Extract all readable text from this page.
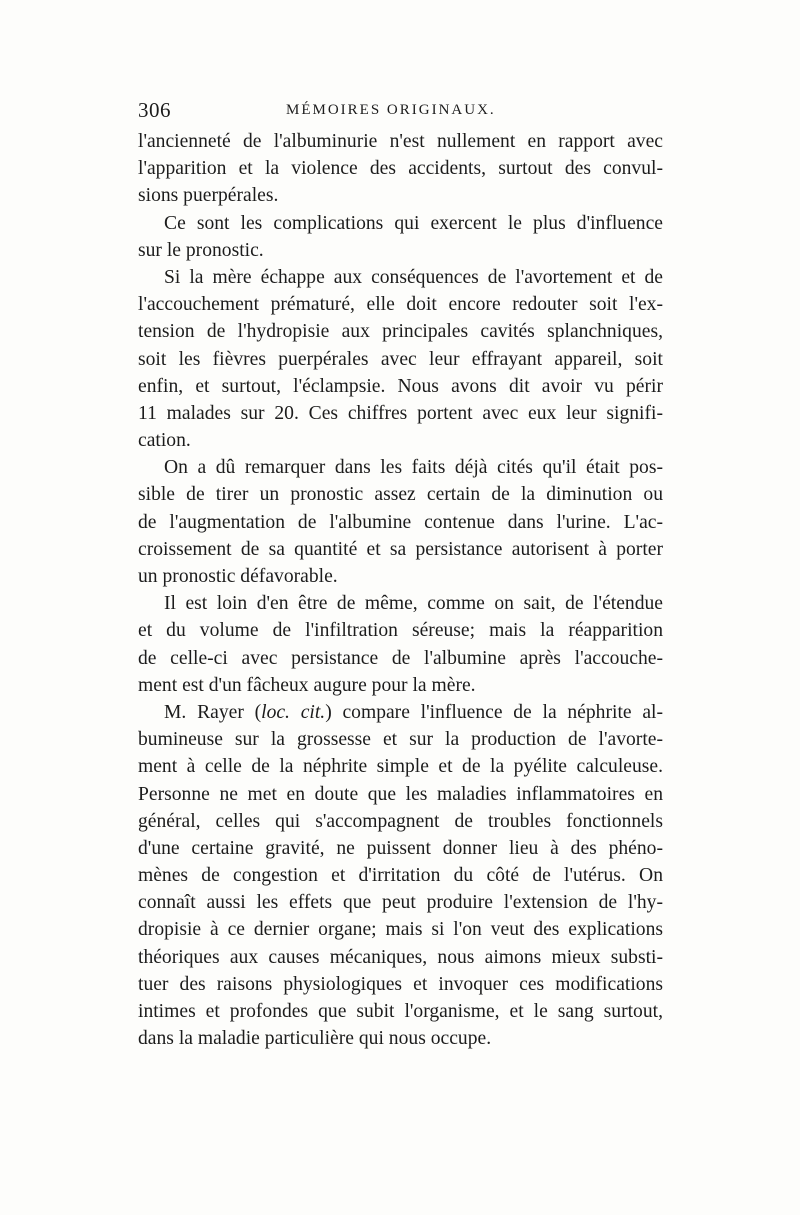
306	MÉMOIRES ORIGINAUX.
l'ancienneté de l'albuminurie n'est nullement en rapport avec
l'apparition et la violence des accidents, surtout des convul-
sions puerpérales.
Ce sont les complications qui exercent le plus d'influence
sur le pronostic.
Si la mère échappe aux conséquences de l'avortement et de
l'accouchement prématuré, elle doit encore redouter soit l'ex-
tension de l'hydropisie aux principales cavités splanchniques,
soit les fièvres puerpérales avec leur effrayant appareil, soit
enfin, et surtout, l'éclampsie. Nous avons dit avoir vu périr
11 malades sur 20. Ces chiffres portent avec eux leur signifi-
cation.
On a dû remarquer dans les faits déjà cités qu'il était pos-
sible de tirer un pronostic assez certain de la diminution ou
de l'augmentation de l'albumine contenue dans l'urine. L'ac-
croissement de sa quantité et sa persistance autorisent à porter
un pronostic défavorable.
Il est loin d'en être de même, comme on sait, de l'étendue
et du volume de l'infiltration séreuse; mais la réapparition
de celle-ci avec persistance de l'albumine après l'accouche-
ment est d'un fâcheux augure pour la mère.
M. Rayer (loc. cit.) compare l'influence de la néphrite al-
bumineuse sur la grossesse et sur la production de l'avorte-
ment à celle de la néphrite simple et de la pyélite calculeuse.
Personne ne met en doute que les maladies inflammatoires en
général, celles qui s'accompagnent de troubles fonctionnels
d'une certaine gravité, ne puissent donner lieu à des phéno-
mènes de congestion et d'irritation du côté de l'utérus. On
connaît aussi les effets que peut produire l'extension de l'hy-
dropisie à ce dernier organe; mais si l'on veut des explications
théoriques aux causes mécaniques, nous aimons mieux substi-
tuer des raisons physiologiques et invoquer ces modifications
intimes et profondes que subit l'organisme, et le sang surtout,
dans la maladie particulière qui nous occupe.
